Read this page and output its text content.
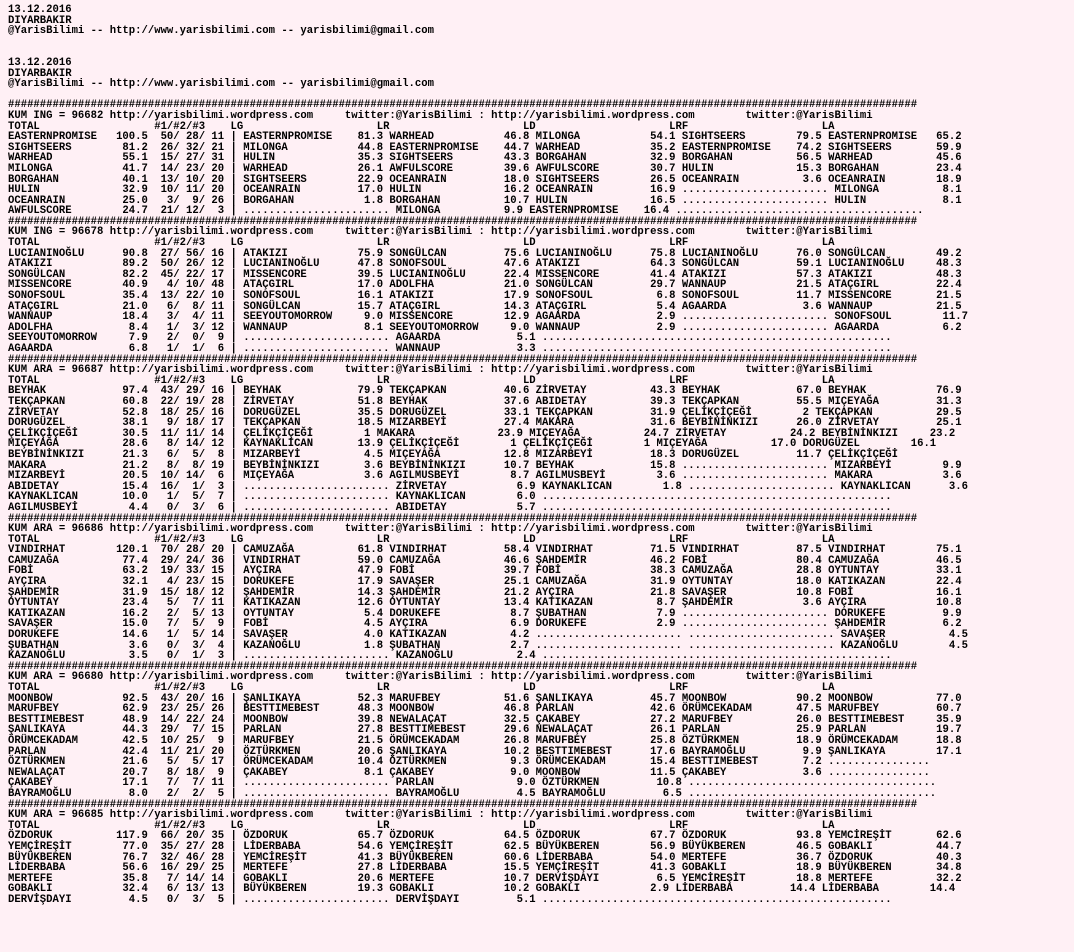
13.12.2016
DIYARBAKIR
@YarisBilimi -- http://www.yarisbilimi.com -- yarisbilimi@gmail.com
13.12.2016
DIYARBAKIR
@YarisBilimi -- http://www.yarisbilimi.com -- yarisbilimi@gmail.com
###############################################################################################################################################
KUM ING = 96682 http://yarisbilimi.wordpress.com     twitter:@YarisBilimi : http://yarisbilimi.wordpress.com        twitter:@YarisBilimi
TOTAL                  #1/#2/#3    LG                     LR                     LD                     LRF                     LA
EASTERNPROMISE   100.5  50/ 28/ 11 | EASTERNPROMISE    81.3 WARHEAD           46.8 MILONGA           54.1 SIGHTSEERS        79.5 EASTERNPROMISE   65.2
SIGHTSEERS        81.2  26/ 32/ 21 | MILONGA           44.8 EASTERNPROMISE    44.7 WARHEAD           35.2 EASTERNPROMISE    74.2 SIGHTSEERS       59.9
WARHEAD           55.1  15/ 27/ 31 | HULIN             35.3 SIGHTSEERS        43.3 BORGAHAN          32.9 BORGAHAN          56.5 WARHEAD          45.6
MILONGA           41.7  14/ 23/ 20 | WARHEAD           26.1 AWFULSCORE        39.6 AWFULSCORE        30.7 HULIN             15.3 BORGAHAN         23.4
BORGAHAN          40.1  13/ 10/ 20 | SIGHTSEERS        22.9 OCEANRAIN         18.0 SIGHTSEERS        26.5 OCEANRAIN          3.6 OCEANRAIN        18.9
HULIN             32.9  10/ 11/ 20 | OCEANRAIN         17.0 HULIN             16.2 OCEANRAIN         16.9 ....................... MILONGA          8.1
OCEANRAIN         25.0   3/  9/ 26 | BORGAHAN           1.8 BORGAHAN          10.7 HULIN             16.5 ....................... HULIN            8.1
AWFULSCORE        24.7  21/ 12/  3 | ....................... MILONGA          9.9 EASTERNPROMISE    16.4 .......................................
###############################################################################################################################################
KUM ING = 96678 http://yarisbilimi.wordpress.com     twitter:@YarisBilimi : http://yarisbilimi.wordpress.com        twitter:@YarisBilimi
TOTAL                  #1/#2/#3    LG                     LR                     LD                     LRF                     LA
LUCIANINOĞLU      90.8  27/ 56/ 16 | ATAKIZI           75.9 SONGÜLCAN         75.6 LUCIANINOĞLU      75.8 LUCIANINOĞLU      76.0 SONGÜLCAN        49.2
ATAKIZI           89.2  50/ 26/ 12 | LUCIANINOĞLU      47.8 SONOFSOUL         47.6 ATAKIZI           64.3 SONGÜLCAN         59.1 LUCIANINOĞLU     48.3
SONGÜLCAN         82.2  45/ 22/ 17 | MISSENCORE        39.5 LUCIANINOĞLU      22.4 MISSENCORE        41.4 ATAKIZI           57.3 ATAKIZI          48.3
MISSENCORE        40.9   4/ 10/ 48 | ATAÇGIRL          17.0 ADOLFHA           21.0 SONGÜLCAN         29.7 WANNAUP           21.5 ATAÇGIRL         22.4
SONOFSOUL         35.4  13/ 22/ 10 | SONOFSOUL         16.1 ATAKIZI           17.9 SONOFSOUL          6.8 SONOFSOUL         11.7 MISSENCORE       21.5
ATAÇGIRL          21.0   6/  8/ 11 | SONGÜLCAN         15.7 ATAÇGIRL          14.3 ATAÇGIRL           5.4 AGAARDA            3.6 WANNAUP          21.5
WANNAUP           18.4   3/  4/ 11 | SEEYOUTOMORROW     9.0 MISSENCORE        12.9 AGAARDA            2.9 ....................... SONOFSOUL        11.7
ADOLFHA            8.4   1/  3/ 12 | WANNAUP            8.1 SEEYOUTOMORROW     9.0 WANNAUP            2.9 ....................... AGAARDA          6.2
SEEYOUTOMORROW     7.9   2/  0/  9 | ....................... AGAARDA            5.1 .......................................................
AGAARDA            6.8   1/  1/  6 | ....................... WANNAUP            3.3 .......................................................
###############################################################################################################################################
KUM ARA = 96687 http://yarisbilimi.wordpress.com     twitter:@YarisBilimi : http://yarisbilimi.wordpress.com        twitter:@YarisBilimi
TOTAL                  #1/#2/#3    LG                     LR                     LD                     LRF                     LA
BEYHAK            97.4  43/ 29/ 16 | BEYHAK            79.9 TEKÇAPKAN         40.6 ZİRVETAY          43.3 BEYHAK            67.0 BEYHAK           76.9
TEKÇAPKAN         60.8  22/ 19/ 28 | ZİRVETAY          51.8 BEYHAK            37.6 ABIDETAY          39.3 TEKÇAPKAN         55.5 MIÇEYAĞA         31.3
ZİRVETAY          52.8  18/ 25/ 16 | DORUGÜZEL         35.5 DORUGÜZEL         33.1 TEKÇAPKAN         31.9 ÇELİKÇİÇEĞİ        2 TEKÇAPKAN          29.5
DORUGÜZEL         38.1   9/ 18/ 17 | TEKÇAPKAN         18.5 MIZARBEYİ         27.4 MAKARA            31.6 BEYBİNİNKIZI      26.0 ZİRVETAY         25.1
ÇELİKÇİÇEĞİ       30.5  11/ 11/ 14 | ÇELİKÇİÇEĞİ        1 MAKARA             23.9 MIÇEYAĞA          24.7 ZİRVETAY          24.2 BEYBİNİNKIZI     23.2
MIÇEYAĞA          28.6   8/ 14/ 12 | KAYNAKLICAN       13.9 ÇELİKÇİÇEĞİ        1 ÇELİKÇİÇEĞİ        1 MIÇEYAĞA          17.0 DORUGÜZEL        16.1
BEYBİNİNKIZI      21.3   6/  5/  8 | MIZARBEYİ          4.5 MIÇEYAĞA          12.8 MIZARBEYİ         18.3 DORUGÜZEL         11.7 ÇELİKÇİÇEĞİ
MAKARA            21.2   8/  8/ 19 | BEYBİNİNKIZI       3.6 BEYBİNİNKIZI      10.7 BEYHAK            15.8 ....................... MIZARBEYİ        9.9
MIZARBEYİ         20.5  10/ 14/  6 | MIÇEYAĞA           3.6 AGILMUSBEYİ        8.7 AGILMUSBEYİ        3.6 ....................... MAKARA           3.6
ABIDETAY          15.4  16/  1/  3 | ....................... ZİRVETAY           6.9 KAYNAKLICAN        1.8 ....................... KAYNAKLICAN      3.6
KAYNAKLICAN       10.0   1/  5/  7 | ....................... KAYNAKLICAN        6.0 .......................................................
AGILMUSBEYİ        4.4   0/  3/  6 | ....................... ABIDETAY           5.7 .......................................................
###############################################################################################################################################
KUM ARA = 96686 http://yarisbilimi.wordpress.com     twitter:@YarisBilimi : http://yarisbilimi.wordpress.com        twitter:@YarisBilimi
TOTAL                  #1/#2/#3    LG                     LR                     LD                     LRF                     LA
VINDIRHAT        120.1  70/ 28/ 20 | CAMUZAĞA          61.8 VINDIRHAT         58.4 VINDIRHAT         71.5 VINDIRHAT         87.5 VINDIRHAT        75.1
CAMUZAĞA          77.4  29/ 24/ 36 | VINDIRHAT         59.0 CAMUZAĞA          46.6 ŞAHDEMİR          46.2 FOBİ              80.4 CAMUZAĞA         46.5
FOBİ              63.2  19/ 33/ 15 | AYÇIRA            47.9 FOBİ              39.7 FOBİ              38.3 CAMUZAĞA          28.8 OYTUNTAY         33.1
AYÇIRA            32.1   4/ 23/ 15 | DORUKEFE          17.9 SAVAŞER           25.1 CAMUZAĞA          31.9 OYTUNTAY          18.0 KATIKAZAN        22.4
ŞAHDEMİR          31.9  15/ 18/ 12 | ŞAHDEMİR          14.3 ŞAHDEMİR          21.2 AYÇIRA            21.8 SAVAŞER           10.8 FOBİ             16.1
OYTUNTAY          23.4   5/  7/ 11 | KATIKAZAN         12.6 OYTUNTAY          13.4 KATIKAZAN          8.7 ŞAHDEMİR           3.6 AYÇIRA           10.8
KATIKAZAN         16.2   2/  5/ 13 | OYTUNTAY           5.4 DORUKEFE           8.7 ŞUBATHAN           7.9 ....................... DORUKEFE         9.9
SAVAŞER           15.0   7/  5/  9 | FOBİ               4.5 AYÇIRA             6.9 DORUKEFE           2.9 ....................... ŞAHDEMİR         6.2
DORUKEFE          14.6   1/  5/ 14 | SAVAŞER            4.0 KATIKAZAN          4.2 ....................... ....................... SAVAŞER          4.5
ŞUBATHAN           3.6   0/  3/  4 | KAZANOĞLU          1.8 ŞUBATHAN           2.7 ....................... ....................... KAZANOĞLU        4.5
KAZANOĞLU          3.5   0/  1/  3 | ....................... KAZANOĞLU          2.4 .......................................................
###############################################################################################################################################
KUM ARA = 96680 http://yarisbilimi.wordpress.com     twitter:@YarisBilimi : http://yarisbilimi.wordpress.com        twitter:@YarisBilimi
TOTAL                  #1/#2/#3    LG                     LR                     LD                     LRF                     LA
MOONBOW           92.5  43/ 20/ 16 | ŞANLIKAYA         52.3 MARUFBEY          51.6 ŞANLIKAYA         45.7 MOONBOW           90.2 MOONBOW          77.0
MARUFBEY          62.9  23/ 25/ 26 | BESTTIMEBEST      48.3 MOONBOW           46.8 PARLAN            42.6 ÖRÜMCEKADAM       47.5 MARUFBEY         60.7
BESTTIMEBEST      48.9  14/ 22/ 24 | MOONBOW           39.8 NEWALAÇAT         32.5 ÇAKABEY           27.2 MARUFBEY          26.0 BESTTIMEBEST     35.9
ŞANLIKAYA         44.3  29/  7/ 15 | PARLAN            27.8 BESTTIMEBEST      29.6 NEWALAÇAT         26.1 PARLAN            25.9 PARLAN           19.7
ÖRÜMCEKADAM       42.5  10/ 25/  9 | MARUFBEY          21.5 ÖRÜMCEKADAM       26.8 MARUFBEY          25.8 ÖZTÜRKMEN         18.9 ÖRÜMCEKADAM      18.8
PARLAN            42.4  11/ 21/ 20 | ÖZTÜRKMEN         20.6 ŞANLIKAYA         10.2 BESTTIMEBEST      17.6 BAYRAMOĞLU         9.9 ŞANLIKAYA        17.1
ÖZTÜRKMEN         21.6   5/  5/ 17 | ÖRÜMCEKADAM       10.4 ÖZTÜRKMEN          9.3 ÖRÜMCEKADAM       15.4 BESTTIMEBEST       7.2 ................
NEWALAÇAT         20.7   8/ 18/  9 | ÇAKABEY            8.1 ÇAKABEY            9.0 MOONBOW           11.5 ÇAKABEY            3.6 ................
ÇAKABEY           17.1   7/  7/ 11 | ....................... PARLAN             9.0 ÖZTÜRKMEN         10.8 .......................................
BAYRAMOĞLU         8.0   2/  2/  5 | ....................... BAYRAMOĞLU         4.5 BAYRAMOĞLU         6.5 .......................................
###############################################################################################################################################
KUM ARA = 96685 http://yarisbilimi.wordpress.com     twitter:@YarisBilimi : http://yarisbilimi.wordpress.com        twitter:@YarisBilimi
TOTAL                  #1/#2/#3    LG                     LR                     LD                     LRF                     LA
ÖZDORUK          117.9  66/ 20/ 35 | ÖZDORUK           65.7 ÖZDORUK           64.5 ÖZDORUK           67.7 ÖZDORUK           93.8 YEMCİREŞİT       62.6
YEMÇİREŞİT        77.0  35/ 27/ 28 | LİDERBABA         54.6 YEMÇİREŞİT        62.5 BÜYÜKBEREN        56.9 BÜYÜKBEREN        46.5 GOBAKLI          44.7
BÜYÜKBEREN        76.7  32/ 46/ 28 | YEMCİREŞİT        41.3 BÜYÜKBEREN        60.6 LİDERBABA         54.0 MERTEFE           36.7 ÖZDORUK          40.3
LİDERBABA         56.6  16/ 29/ 25 | MERTEFE           27.8 LİDERBABA         15.5 YEMÇİREŞİT        41.3 GOBAKLI           18.9 BÜYÜKBEREN       34.8
MERTEFE           35.8   7/ 14/ 14 | GOBAKLI           20.6 MERTEFE           10.7 DERVİŞDAYI         6.5 YEMCİREŞİT        18.8 MERTEFE          32.2
GOBAKLI           32.4   6/ 13/ 13 | BÜYÜKBEREN        19.3 GOBAKLI           10.2 GOBAKLI           2.9 LİDERBABA         14.4 LİDERBABA        14.4
DERVİŞDAYI         4.5   0/  3/  5 | ....................... DERVİŞDAYI         5.1 .......................................................
